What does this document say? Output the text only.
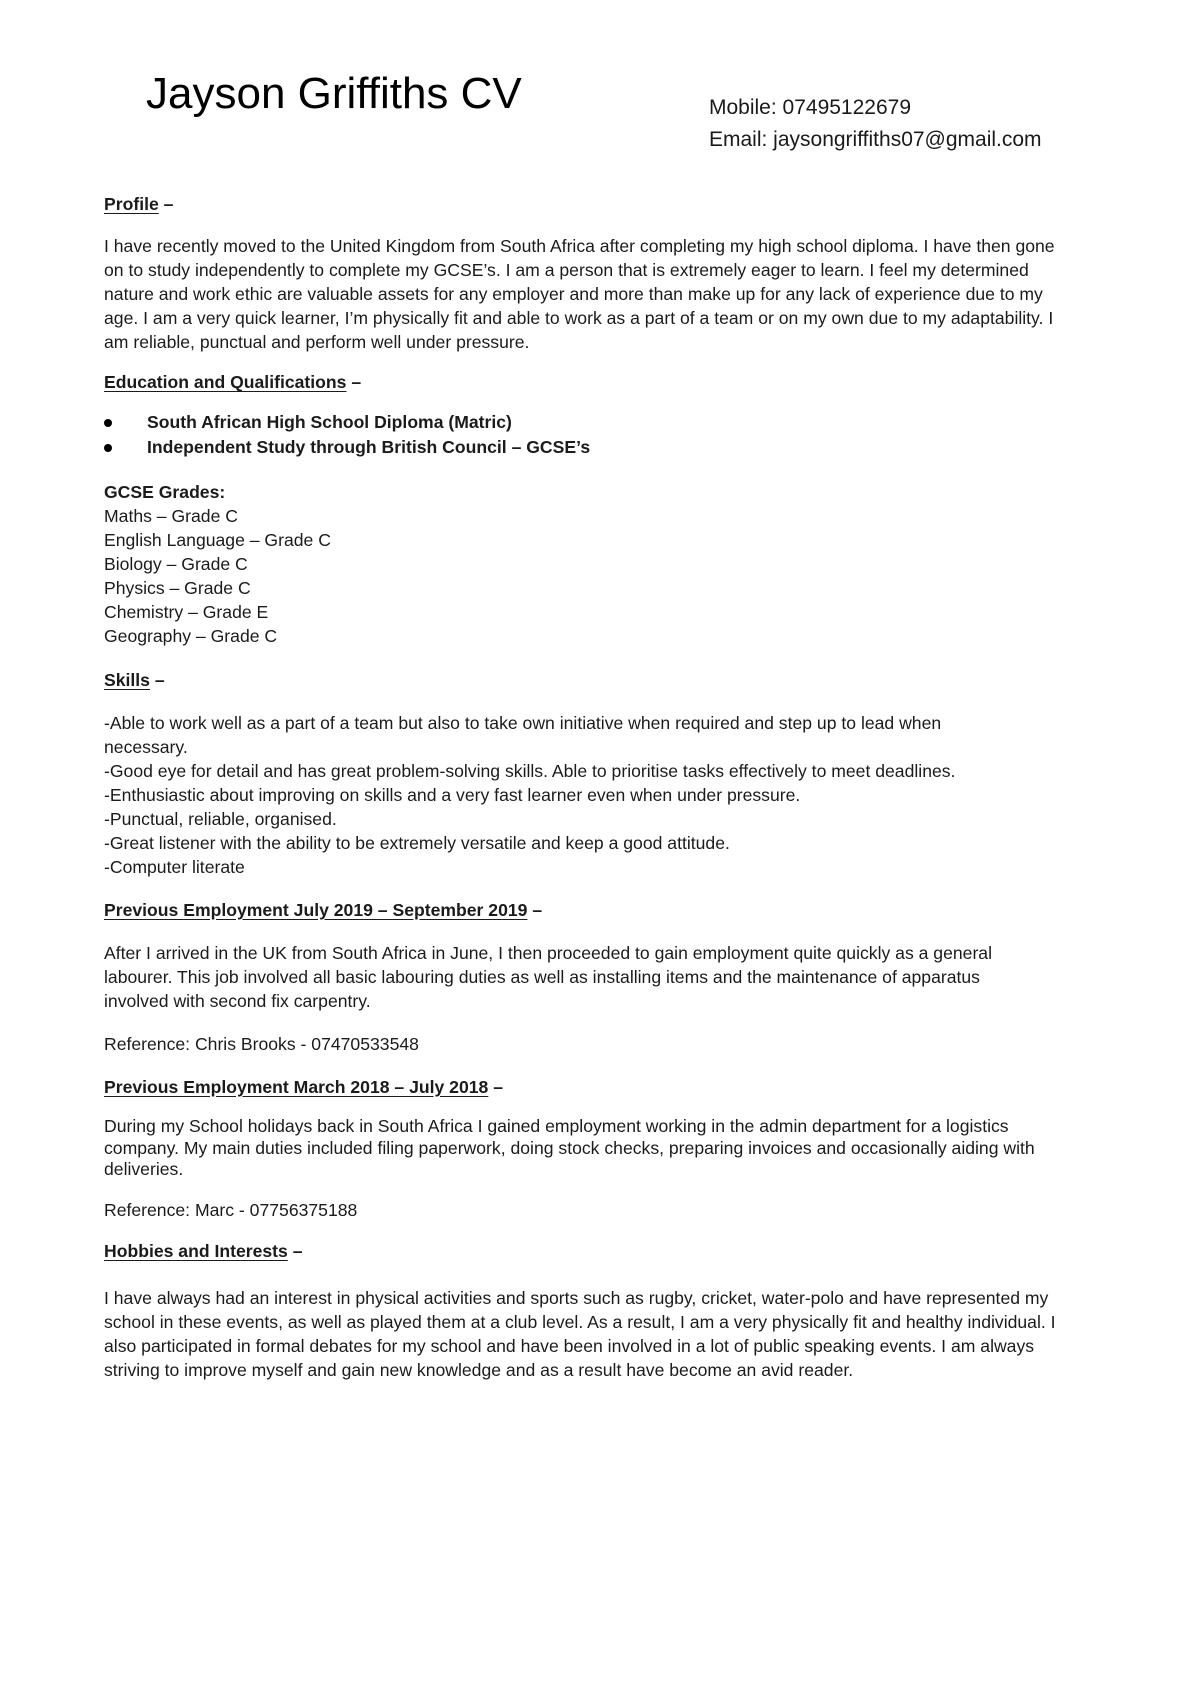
Jayson Griffiths CV	Mobile: 07495122679
Email: jaysongriffiths07@gmail.com

Profile –

I have recently moved to the United Kingdom from South Africa after completing my high school diploma. I have then gone on to study independently to complete my GCSE’s. I am a person that is extremely eager to learn. I feel my determined nature and work ethic are valuable assets for any employer and more than make up for any lack of experience due to my age. I am a very quick learner, I’m physically fit and able to work as a part of a team or on my own due to my adaptability. I am reliable, punctual and perform well under pressure.

Education and Qualifications –

South African High School Diploma (Matric)
Independent Study through British Council – GCSE’s
GCSE Grades:
Maths – Grade C
English Language – Grade C
Biology – Grade C
Physics – Grade C
Chemistry – Grade E
Geography – Grade C

Skills –

-Able to work well as a part of a team but also to take own initiative when required and step up to lead when necessary.
-Good eye for detail and has great problem-solving skills. Able to prioritise tasks effectively to meet deadlines.
-Enthusiastic about improving on skills and a very fast learner even when under pressure.
-Punctual, reliable, organised.
-Great listener with the ability to be extremely versatile and keep a good attitude.
-Computer literate

Previous Employment July 2019 – September 2019 –

After I arrived in the UK from South Africa in June, I then proceeded to gain employment quite quickly as a general labourer. This job involved all basic labouring duties as well as installing items and the maintenance of apparatus involved with second fix carpentry.

Reference: Chris Brooks - 07470533548

Previous Employment March 2018 – July 2018 –

During my School holidays back in South Africa I gained employment working in the admin department for a logistics company. My main duties included filing paperwork, doing stock checks, preparing invoices and occasionally aiding with deliveries.

Reference: Marc - 07756375188

Hobbies and Interests –

I have always had an interest in physical activities and sports such as rugby, cricket, water-polo and have represented my school in these events, as well as played them at a club level. As a result, I am a very physically fit and healthy individual. I also participated in formal debates for my school and have been involved in a lot of public speaking events. I am always striving to improve myself and gain new knowledge and as a result have become an avid reader.
